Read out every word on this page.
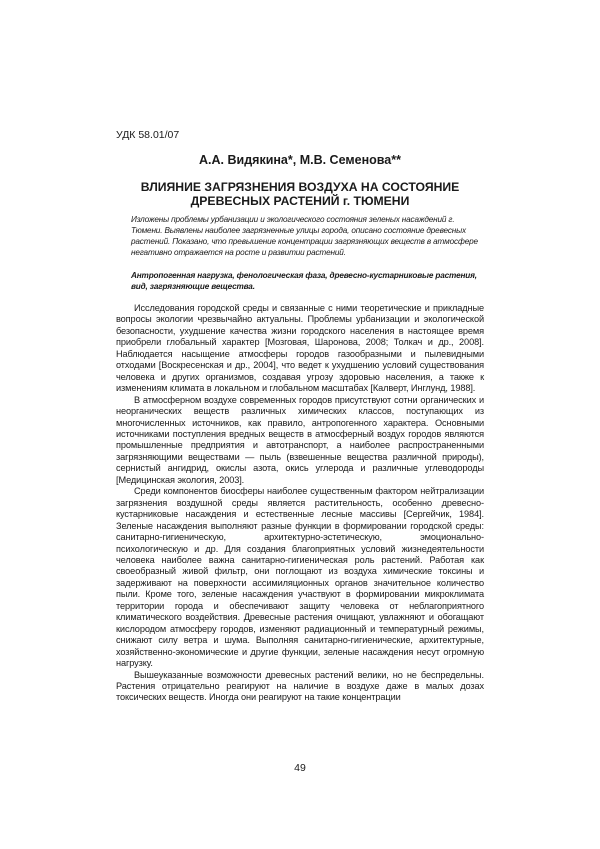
УДК 58.01/07
А.А. Видякина*, М.В. Семенова**
ВЛИЯНИЕ ЗАГРЯЗНЕНИЯ ВОЗДУХА НА СОСТОЯНИЕ
ДРЕВЕСНЫХ РАСТЕНИЙ г. ТЮМЕНИ
Изложены проблемы урбанизации и экологического состояния зеленых насаждений г. Тюмени. Выявлены наиболее загрязненные улицы города, описано состояние древесных растений. Показано, что превышение концентрации загрязняющих веществ в атмосфере негативно отражается на росте и развитии растений.
Антропогенная нагрузка, фенологическая фаза, древесно-кустарниковые растения, вид, загрязняющие вещества.

Исследования городской среды и связанные с ними теоретические и прикладные вопросы экологии чрезвычайно актуальны. Проблемы урбанизации и экологической безопасности, ухудшение качества жизни городского населения в настоящее время приобрели глобальный характер [Мозговая, Шаронова, 2008; Толкач и др., 2008]. Наблюдается насыщение атмосферы городов газообразными и пылевидными отходами [Воскресенская и др., 2004], что ведет к ухудшению условий существования человека и других организмов, создавая угрозу здоровью населения, а также к изменениям климата в локальном и глобальном масштабах [Калверт, Инглунд, 1988].

В атмосферном воздухе современных городов присутствуют сотни органических и неорганических веществ различных химических классов, поступающих из многочисленных источников, как правило, антропогенного характера. Основными источниками поступления вредных веществ в атмосферный воздух городов являются промышленные предприятия и автотранспорт, а наиболее распространенными загрязняющими веществами — пыль (взвешенные вещества различной природы), сернистый ангидрид, окислы азота, окись углерода и различные углеводороды [Медицинская экология, 2003].

Среди компонентов биосферы наиболее существенным фактором нейтрализации загрязнения воздушной среды является растительность, особенно древесно-кустарниковые насаждения и естественные лесные массивы [Сергейчик, 1984]. Зеленые насаждения выполняют разные функции в формировании городской среды: санитарно-гигиеническую, архитектурно-эстетическую, эмоционально-психологическую и др. Для создания благоприятных условий жизнедеятельности человека наиболее важна санитарно-гигиеническая роль растений. Работая как своеобразный живой фильтр, они поглощают из воздуха химические токсины и задерживают на поверхности ассимиляционных органов значительное количество пыли. Кроме того, зеленые насаждения участвуют в формировании микроклимата территории города и обеспечивают защиту человека от неблагоприятного климатического воздействия. Древесные растения очищают, увлажняют и обогащают кислородом атмосферу городов, изменяют радиационный и температурный режимы, снижают силу ветра и шума. Выполняя санитарно-гигиенические, архитектурные, хозяйственно-экономические и другие функции, зеленые насаждения несут огромную нагрузку.

Вышеуказанные возможности древесных растений велики, но не беспредельны. Растения отрицательно реагируют на наличие в воздухе даже в малых дозах токсических веществ. Иногда они реагируют на такие концентрации

49
